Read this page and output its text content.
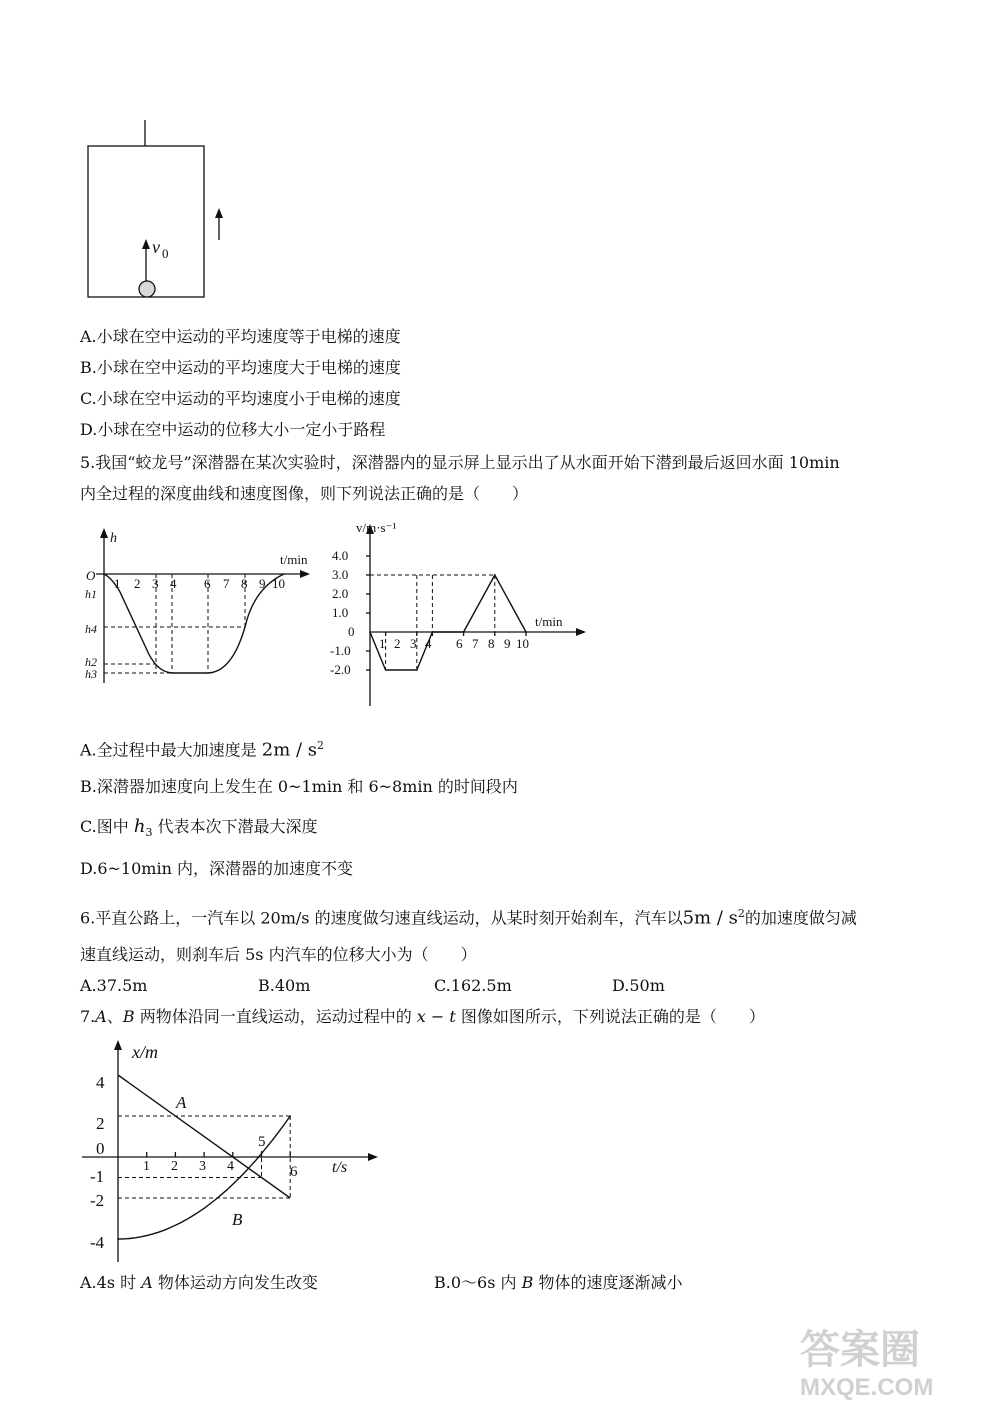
v 0
A.小球在空中运动的平均速度等于电梯的速度
B.小球在空中运动的平均速度大于电梯的速度
C.小球在空中运动的平均速度小于电梯的速度
D.小球在空中运动的位移大小一定小于路程
5.我国“蛟龙号”深潜器在某次实验时，深潜器内的显示屏上显示出了从水面开始下潜到最后返回水面 10min
内全过程的深度曲线和速度图像，则下列说法正确的是（　　）
h
t/min
O
1 2 3 4 6 7 8 9 10
h1
h4
h2
h3
v/m·s⁻¹
t/min
4.0
3.0
2.0
1.0
0
-1.0
-2.0
1 2 3 4 6 7 8 9 10
A.全过程中最大加速度是 $2m / s^2$
B.深潜器加速度向上发生在 0~1min 和 6~8min 的时间段内
C.图中 $h_3$ 代表本次下潜最大深度
D.6~10min 内，深潜器的加速度不变
6.平直公路上，一汽车以 20m/s 的速度做匀速直线运动，从某时刻开始刹车，汽车以$5m / s^2$的加速度做匀减
速直线运动，则刹车后 5s 内汽车的位移大小为（　　）
A.37.5m	B.40m	C.162.5m	D.50m
7.A、B 两物体沿同一直线运动，运动过程中的 x − t 图像如图所示，下列说法正确的是（　　）
x/m
t/s
4
2
0
-1
-2
-4
1 2 3 4	6
5
A
B
A.4s 时 A 物体运动方向发生改变	B.0～6s 内 B 物体的速度逐渐减小
答案圈
MXQE.COM
